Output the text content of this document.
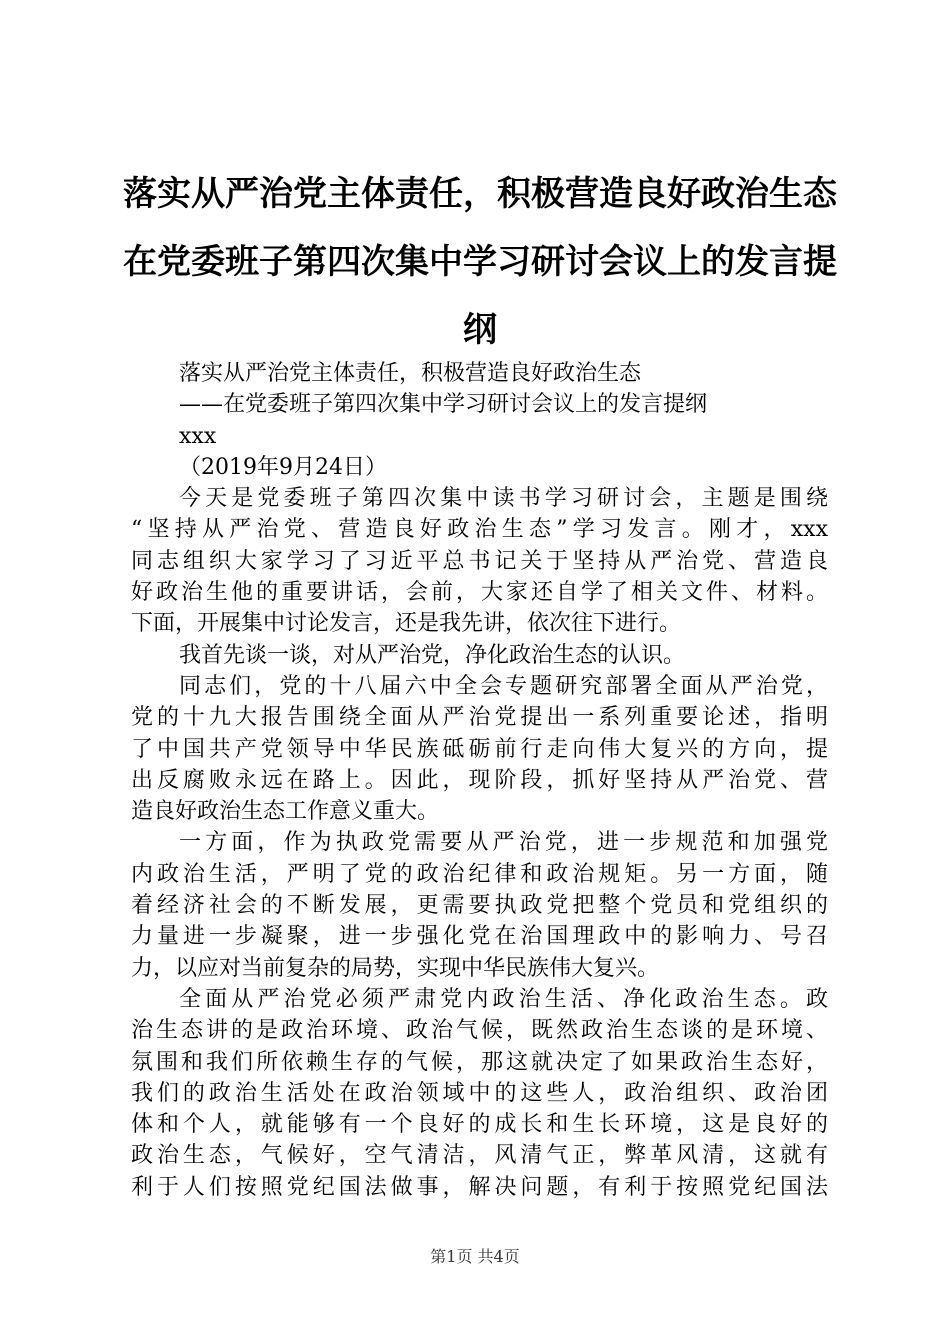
落实从严治党主体责任，积极营造良好政治生态在党委班子第四次集中学习研讨会议上的发言提纲
落实从严治党主体责任，积极营造良好政治生态
——在党委班子第四次集中学习研讨会议上的发言提纲
xxx
（2019年9月24日）
今天是党委班子第四次集中读书学习研讨会，主题是围绕
“坚持从严治党、营造良好政治生态”学习发言。刚才，xxx
同志组织大家学习了习近平总书记关于坚持从严治党、营造良
好政治生他的重要讲话，会前，大家还自学了相关文件、材料。
下面，开展集中讨论发言，还是我先讲，依次往下进行。
我首先谈一谈，对从严治党，净化政治生态的认识。
同志们，党的十八届六中全会专题研究部署全面从严治党，
党的十九大报告围绕全面从严治党提出一系列重要论述，指明
了中国共产党领导中华民族砥砺前行走向伟大复兴的方向，提
出反腐败永远在路上。因此，现阶段，抓好坚持从严治党、营
造良好政治生态工作意义重大。
一方面，作为执政党需要从严治党，进一步规范和加强党
内政治生活，严明了党的政治纪律和政治规矩。另一方面，随
着经济社会的不断发展，更需要执政党把整个党员和党组织的
力量进一步凝聚，进一步强化党在治国理政中的影响力、号召
力，以应对当前复杂的局势，实现中华民族伟大复兴。
全面从严治党必须严肃党内政治生活、净化政治生态。政
治生态讲的是政治环境、政治气候，既然政治生态谈的是环境、
氛围和我们所依赖生存的气候，那这就决定了如果政治生态好，
我们的政治生活处在政治领域中的这些人，政治组织、政治团
体和个人，就能够有一个良好的成长和生长环境，这是良好的
政治生态，气候好，空气清洁，风清气正，弊革风清，这就有
利于人们按照党纪国法做事，解决问题，有利于按照党纪国法
第1页 共4页
